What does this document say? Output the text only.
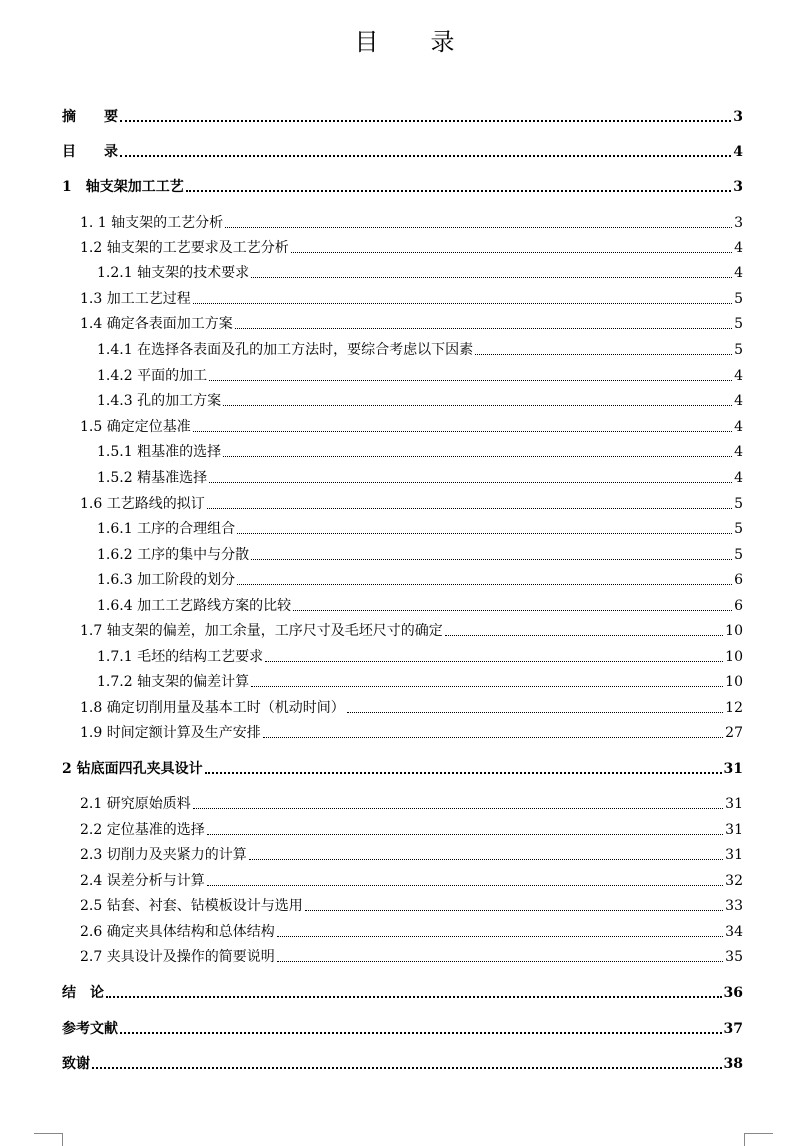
目 录
摘　　要	3
目　　录	4
1　轴支架加工工艺	3
1. 1 轴支架的工艺分析	3
1.2 轴支架的工艺要求及工艺分析	4
1.2.1 轴支架的技术要求	4
1.3 加工工艺过程	5
1.4 确定各表面加工方案	5
1.4.1 在选择各表面及孔的加工方法时，要综合考虑以下因素	5
1.4.2 平面的加工	4
1.4.3 孔的加工方案	4
1.5 确定定位基准	4
1.5.1 粗基准的选择	4
1.5.2 精基准选择	4
1.6 工艺路线的拟订	5
1.6.1 工序的合理组合	5
1.6.2 工序的集中与分散	5
1.6.3 加工阶段的划分	6
1.6.4 加工工艺路线方案的比较	6
1.7 轴支架的偏差，加工余量，工序尺寸及毛坯尺寸的确定	10
1.7.1 毛坯的结构工艺要求	10
1.7.2 轴支架的偏差计算	10
1.8 确定切削用量及基本工时（机动时间）	12
1.9 时间定额计算及生产安排	27
2 钻底面四孔夹具设计	31
2.1 研究原始质料	31
2.2 定位基准的选择	31
2.3 切削力及夹紧力的计算	31
2.4 误差分析与计算	32
2.5 钻套、衬套、钻模板设计与选用	33
2.6 确定夹具体结构和总体结构	34
2.7 夹具设计及操作的简要说明	35
结　论	36
参考文献	37
致谢	38
